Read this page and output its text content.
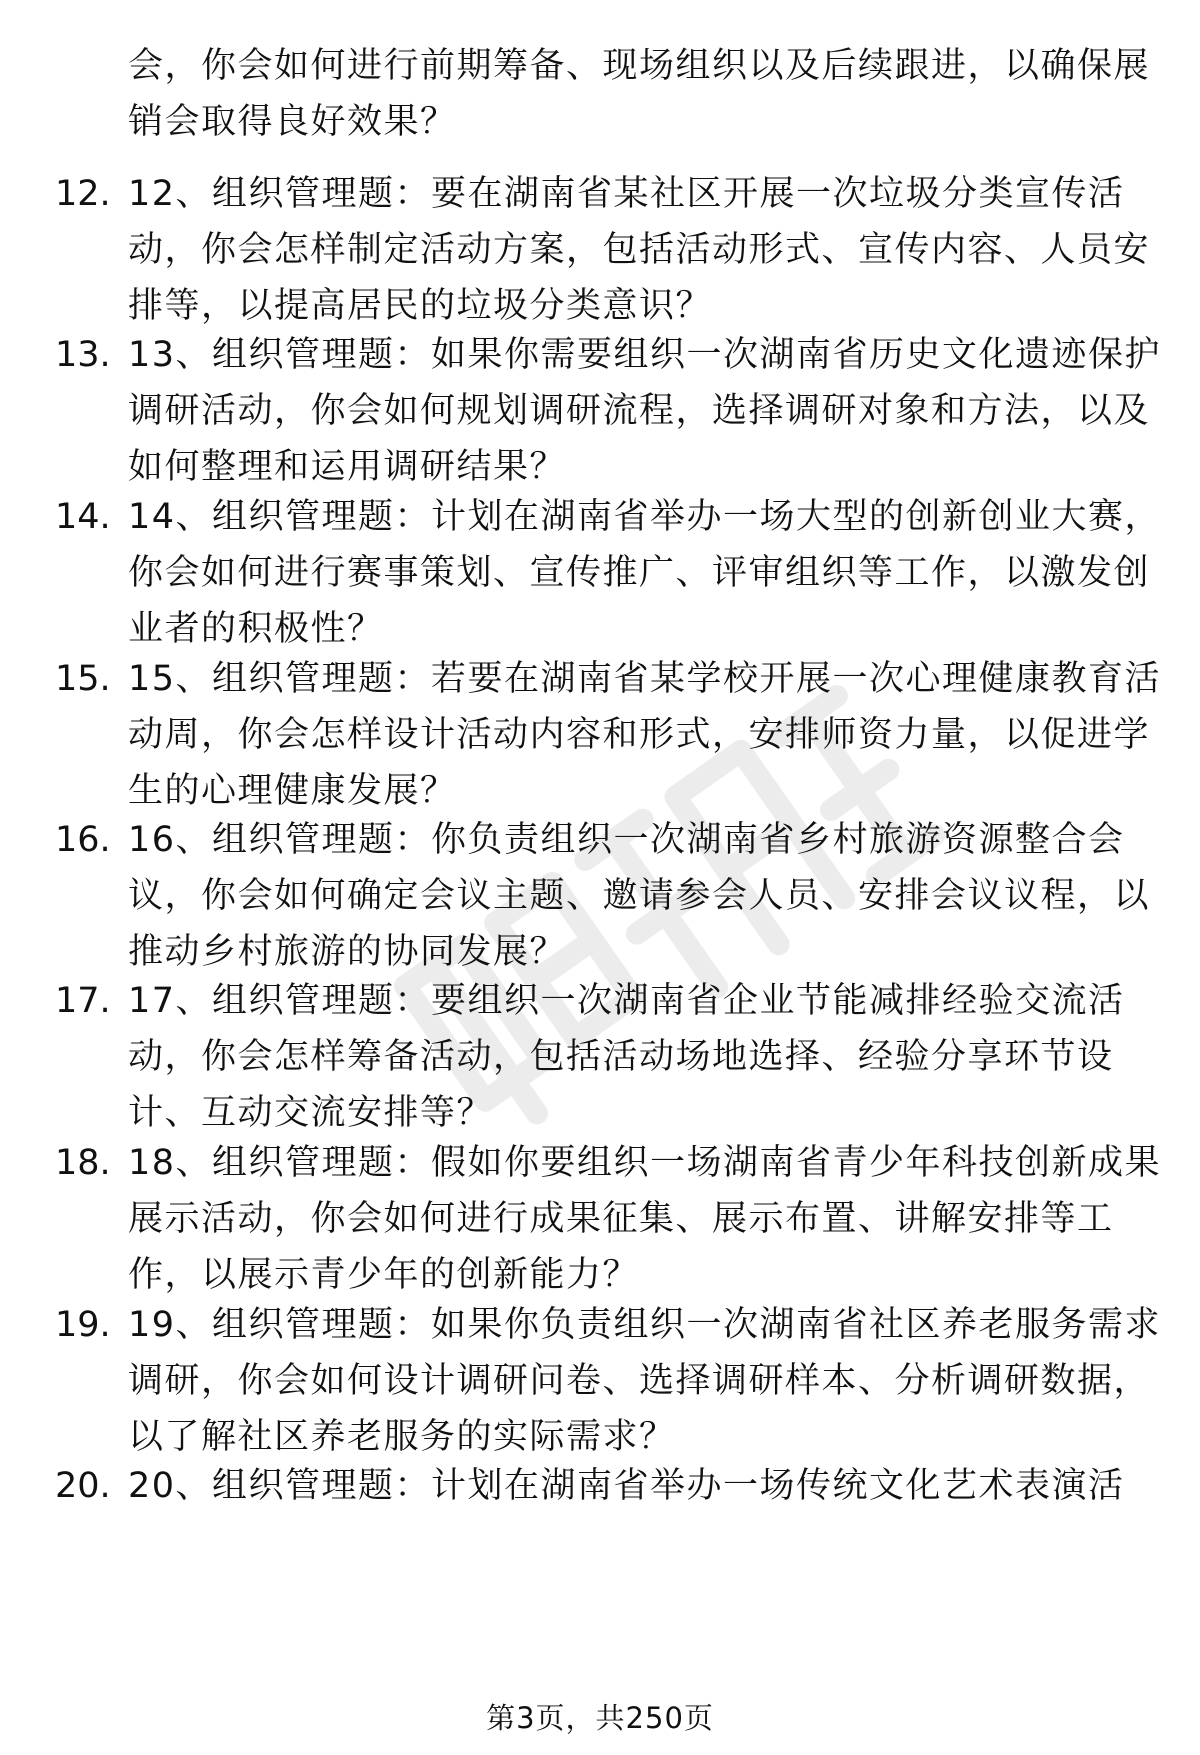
会，你会如何进行前期筹备、现场组织以及后续跟进，以确保展
销会取得良好效果？
12. 12、组织管理题：要在湖南省某社区开展一次垃圾分类宣传活
动，你会怎样制定活动方案，包括活动形式、宣传内容、人员安
排等，以提高居民的垃圾分类意识？
13. 13、组织管理题：如果你需要组织一次湖南省历史文化遗迹保护
调研活动，你会如何规划调研流程，选择调研对象和方法，以及
如何整理和运用调研结果？
14. 14、组织管理题：计划在湖南省举办一场大型的创新创业大赛，
你会如何进行赛事策划、宣传推广、评审组织等工作，以激发创
业者的积极性？
15. 15、组织管理题：若要在湖南省某学校开展一次心理健康教育活
动周，你会怎样设计活动内容和形式，安排师资力量，以促进学
生的心理健康发展？
16. 16、组织管理题：你负责组织一次湖南省乡村旅游资源整合会
议，你会如何确定会议主题、邀请参会人员、安排会议议程，以
推动乡村旅游的协同发展？
17. 17、组织管理题：要组织一次湖南省企业节能减排经验交流活
动，你会怎样筹备活动，包括活动场地选择、经验分享环节设
计、互动交流安排等？
18. 18、组织管理题：假如你要组织一场湖南省青少年科技创新成果
展示活动，你会如何进行成果征集、展示布置、讲解安排等工
作，以展示青少年的创新能力？
19. 19、组织管理题：如果你负责组织一次湖南省社区养老服务需求
调研，你会如何设计调研问卷、选择调研样本、分析调研数据，
以了解社区养老服务的实际需求？
20. 20、组织管理题：计划在湖南省举办一场传统文化艺术表演活
第3页，共250页
